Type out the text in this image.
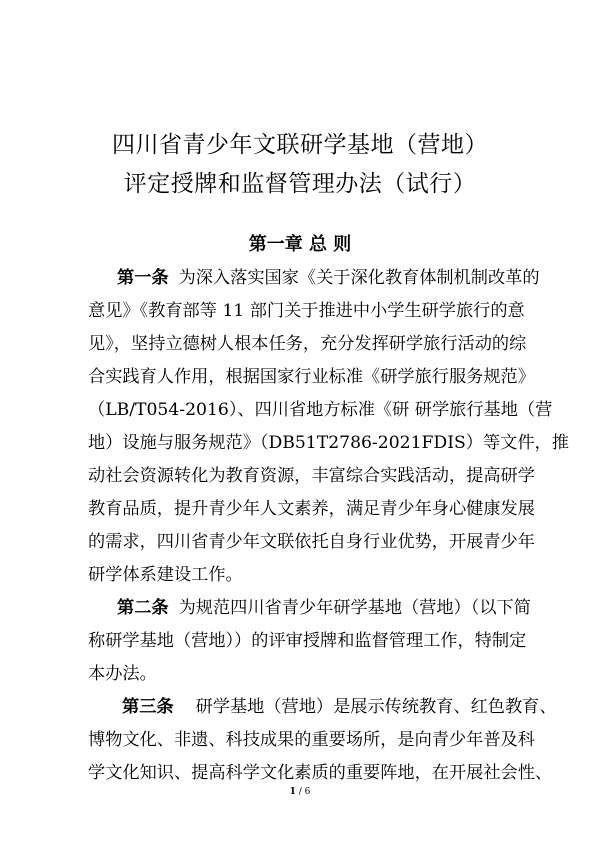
四川省青少年文联研学基地（营地）
评定授牌和监督管理办法（试行）
第一章 总 则
第一条 为深入落实国家《关于深化教育体制机制改革的
意见》《教育部等 11 部门关于推进中小学生研学旅行的意
见》，坚持立德树人根本任务，充分发挥研学旅行活动的综
合实践育人作用，根据国家行业标准《研学旅行服务规范》
（LB/T054-2016）、四川省地方标准《研 研学旅行基地（营
地）设施与服务规范》（DB51T2786-2021FDIS）等文件，推
动社会资源转化为教育资源，丰富综合实践活动，提高研学
教育品质，提升青少年人文素养，满足青少年身心健康发展
的需求，四川省青少年文联依托自身行业优势，开展青少年
研学体系建设工作。
第二条 为规范四川省青少年研学基地（营地）（以下简
称研学基地（营地））的评审授牌和监督管理工作，特制定
本办法。
第三条 研学基地（营地）是展示传统教育、红色教育、
博物文化、非遗、科技成果的重要场所，是向青少年普及科
学文化知识、提高科学文化素质的重要阵地，在开展社会性、
1 / 6
